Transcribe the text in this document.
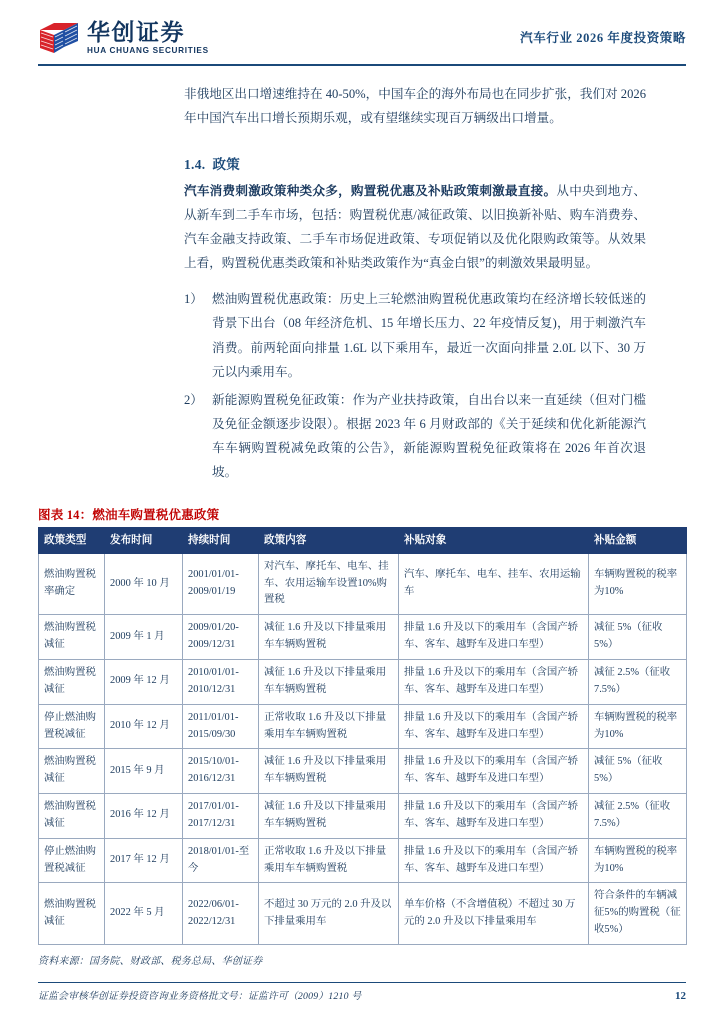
华创证券
HUA CHUANG SECURITIES
汽车行业 2026 年度投资策略

非俄地区出口增速维持在 40-50%，中国车企的海外布局也在同步扩张，我们对 2026 年中国汽车出口增长预期乐观，或有望继续实现百万辆级出口增量。

1.4. 政策

汽车消费刺激政策种类众多，购置税优惠及补贴政策刺激最直接。从中央到地方、从新车到二手车市场，包括：购置税优惠/减征政策、以旧换新补贴、购车消费券、汽车金融支持政策、二手车市场促进政策、专项促销以及优化限购政策等。从效果上看，购置税优惠类政策和补贴类政策作为“真金白银”的刺激效果最明显。

1） 燃油购置税优惠政策：历史上三轮燃油购置税优惠政策均在经济增长较低迷的背景下出台（08 年经济危机、15 年增长压力、22 年疫情反复)，用于刺激汽车消费。前两轮面向排量 1.6L 以下乘用车，最近一次面向排量 2.0L 以下、30 万元以内乘用车。
2） 新能源购置税免征政策：作为产业扶持政策，自出台以来一直延续（但对门槛及免征金额逐步设限）。根据 2023 年 6 月财政部的《关于延续和优化新能源汽车车辆购置税减免政策的公告》，新能源购置税免征政策将在 2026 年首次退坡。
图表 14：燃油车购置税优惠政策
政策类型	发布时间	持续时间	政策内容	补贴对象	补贴金额
燃油购置税率确定	2000 年 10 月	2001/01/01-2009/01/19	对汽车、摩托车、电车、挂车、农用运输车设置10%购置税	汽车、摩托车、电车、挂车、农用运输车	车辆购置税的税率为10%
燃油购置税减征	2009 年 1 月	2009/01/20-2009/12/31	减征 1.6 升及以下排量乘用车车辆购置税	排量 1.6 升及以下的乘用车（含国产轿车、客车、越野车及进口车型）	减征 5%（征收 5%）
燃油购置税减征	2009 年 12 月	2010/01/01-2010/12/31	减征 1.6 升及以下排量乘用车车辆购置税	排量 1.6 升及以下的乘用车（含国产轿车、客车、越野车及进口车型）	减征 2.5%（征收 7.5%）
停止燃油购置税减征	2010 年 12 月	2011/01/01-2015/09/30	正常收取 1.6 升及以下排量乘用车车辆购置税	排量 1.6 升及以下的乘用车（含国产轿车、客车、越野车及进口车型）	车辆购置税的税率为10%
燃油购置税减征	2015 年 9 月	2015/10/01-2016/12/31	减征 1.6 升及以下排量乘用车车辆购置税	排量 1.6 升及以下的乘用车（含国产轿车、客车、越野车及进口车型）	减征 5%（征收 5%）
燃油购置税减征	2016 年 12 月	2017/01/01-2017/12/31	减征 1.6 升及以下排量乘用车车辆购置税	排量 1.6 升及以下的乘用车（含国产轿车、客车、越野车及进口车型）	减征 2.5%（征收 7.5%）
停止燃油购置税减征	2017 年 12 月	2018/01/01-至今	正常收取 1.6 升及以下排量乘用车车辆购置税	排量 1.6 升及以下的乘用车（含国产轿车、客车、越野车及进口车型）	车辆购置税的税率为10%
燃油购置税减征	2022 年 5 月	2022/06/01-2022/12/31	不超过 30 万元的 2.0 升及以下排量乘用车	单车价格（不含增值税）不超过 30 万元的 2.0 升及以下排量乘用车	符合条件的车辆减征5%的购置税（征收5%）
资料来源：国务院、财政部、税务总局、华创证券
证监会审核华创证券投资咨询业务资格批文号：证监许可（2009）1210 号	12
